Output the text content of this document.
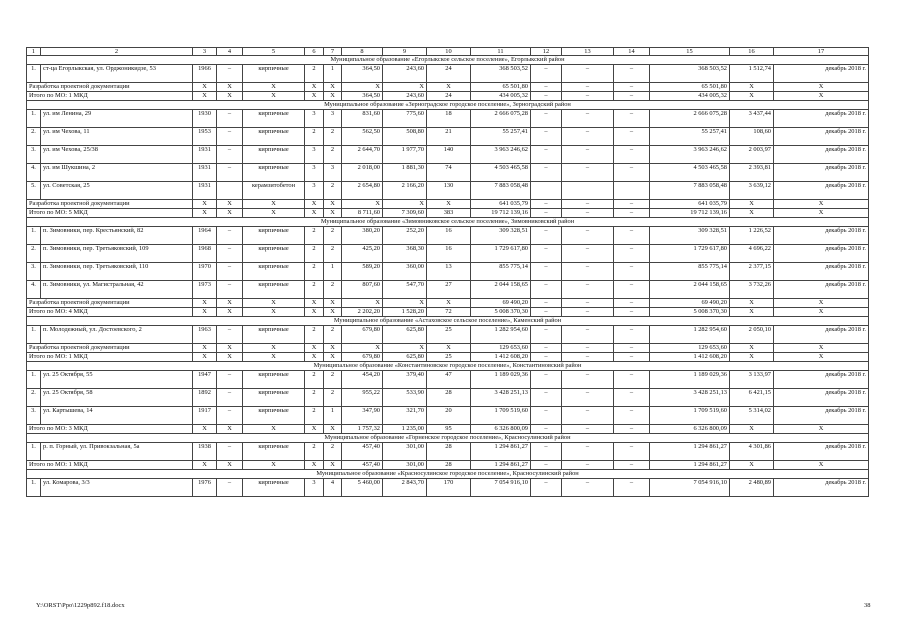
1	2	3	4	5	6	7	8	9	10	11	12	13	14	15	16	17
Муниципальное образование «Егорлыкское сельское поселение», Егорлыкский район																
1.	ст-ца Егорлыкская, ул. Орджоникидзе, 53	1966	–	кирпичные	2	1	364,50	243,60	24	368 503,52	–	–	–	368 503,52	1 512,74	декабрь 2018 г.
Разработка проектной документации		X	X	X	X	X	X	X	X	65 501,80	–	–	–	65 501,80	X	X
Итого по МО: 1 МКД		X	X	X	X	X	364,50	243,60	24	434 005,32	–	–	–	434 005,32	X	X
Муниципальное образование «Зерноградское городское поселение», Зерноградский район																
1.	ул. им Ленина, 29	1930	–	кирпичные	3	3	831,60	775,60	18	2 666 075,28	–	–	–	2 666 075,28	3 437,44	декабрь 2018 г.
2.	ул. им Чехова, 11	1953	–	кирпичные	2	2	562,50	508,80	21	55 257,41	–	–	–	55 257,41	108,60	декабрь 2018 г.
3.	ул. им Чехова, 25/38	1931	–	кирпичные	3	2	2 644,70	1 977,70	140	3 963 246,62	–	–	–	3 963 246,62	2 003,97	декабрь 2018 г.
4.	ул. им Шукшина, 2	1931	–	кирпичные	3	3	2 018,00	1 881,30	74	4 503 465,58	–	–	–	4 503 465,58	2 393,81	декабрь 2018 г.
5.	ул. Советская, 25	1931		керамзитобетон	3	2	2 654,80	2 166,20	130	7 883 058,48				7 883 058,48	3 639,12	декабрь 2018 г.
Разработка проектной документации		X	X	X	X	X	X	X	X	641 035,79	–	–	–	641 035,79	X	X
Итого по МО: 5 МКД		X	X	X	X	X	8 711,60	7 309,60	383	19 712 139,16	–	–	–	19 712 139,16	X	X
Муниципальное образование «Зимовниковское сельское поселение», Зимовниковский район																
1.	п. Зимовники, пер. Крестьянский, 82	1964	–	кирпичные	2	2	380,20	252,20	16	309 328,51	–	–	–	309 328,51	1 226,52	декабрь 2018 г.
2.	п. Зимовники, пер. Третьяковский, 109	1968	–	кирпичные	2	2	425,20	368,30	16	1 729 617,80	–	–	–	1 729 617,80	4 696,22	декабрь 2018 г.
3.	п. Зимовники, пер. Третьяковский, 110	1970	–	кирпичные	2	1	589,20	360,00	13	855 775,14	–	–	–	855 775,14	2 377,15	декабрь 2018 г.
4.	п. Зимовники, ул. Магистральная, 42	1973	–	кирпичные	2	2	807,60	547,70	27	2 044 158,65	–	–	–	2 044 158,65	3 732,26	декабрь 2018 г.
Разработка проектной документации		X	X	X	X	X	X	X	X	69 490,20	–	–	–	69 490,20	X	X
Итого по МО: 4 МКД		X	X	X	X	X	2 202,20	1 528,20	72	5 008 370,30	–	–	–	5 008 370,30	X	X
Муниципальное образование «Астаховское сельское поселение», Каменский район																
1.	п. Молодежный, ул. Достоевского, 2	1963	–	кирпичные	2	2	679,80	625,80	25	1 282 954,60	–	–	–	1 282 954,60	2 050,10	декабрь 2018 г.
Разработка проектной документации		X	X	X	X	X	X	X	X	129 653,60	–	–	–	129 653,60	X	X
Итого по МО: 1 МКД		X	X	X	X	X	679,80	625,80	25	1 412 608,20	–	–	–	1 412 608,20	X	X
Муниципальное образование «Константиновское городское поселение», Константиновский район																
1.	ул. 25 Октября, 55	1947	–	кирпичные	2	2	454,20	379,40	47	1 189 029,36	–	–	–	1 189 029,36	3 133,97	декабрь 2018 г.
2.	ул. 25 Октября, 58	1892	–	кирпичные	2	2	955,22	533,90	28	3 428 251,13	–	–	–	3 428 251,13	6 421,15	декабрь 2018 г.
3.	ул. Картышева, 14	1917	–	кирпичные	2	1	347,90	321,70	20	1 709 519,60	–	–	–	1 709 519,60	5 314,02	декабрь 2018 г.
Итого по МО: 3 МКД		X	X	X	X	X	1 757,32	1 235,00	95	6 326 800,09	–	–	–	6 326 800,09	X	X
Муниципальное образование «Горненское городское поселение», Красносулинский район																
1.	р. п. Горный, ул. Привокзальная, 5а	1938	–	кирпичные	2	2	457,40	301,00	28	1 294 861,27	–	–	–	1 294 861,27	4 301,86	декабрь 2018 г.
Итого по МО: 1 МКД		X	X	X	X	X	457,40	301,00	28	1 294 861,27	–	–	–	1 294 861,27	X	X
Муниципальное образование «Красносулинское городское поселение», Красносулинский район																
1.	ул. Комарова, 3/3	1976	–	кирпичные	3	4	5 460,00	2 843,70	170	7 054 916,10	–	–	–	7 054 916,10	2 480,89	декабрь 2018 г.
Y:\ORST\Ppo\1229p892.f18.docx	38
